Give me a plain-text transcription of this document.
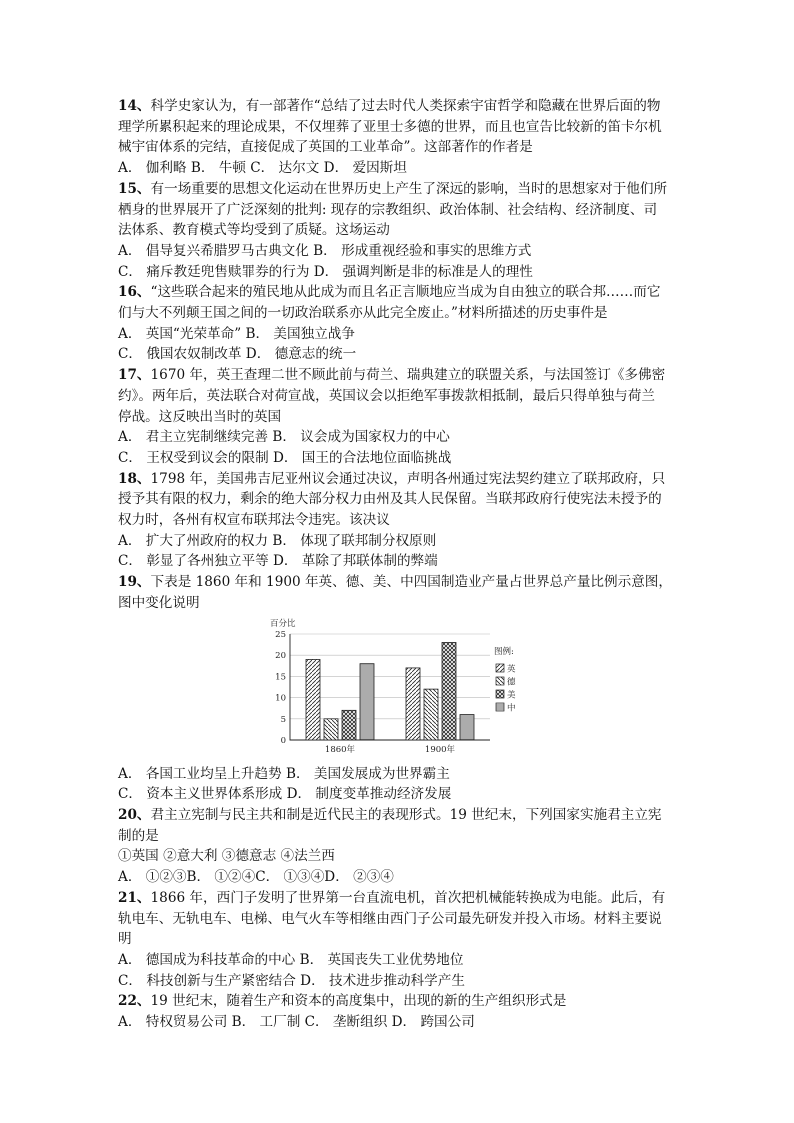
14、科学史家认为，有一部著作“总结了过去时代人类探索宇宙哲学和隐藏在世界后面的物
理学所累积起来的理论成果，不仅埋葬了亚里士多德的世界，而且也宣告比较新的笛卡尔机
械宇宙体系的完结，直接促成了英国的工业革命”。这部著作的作者是
A． 伽利略 B． 牛顿 C． 达尔文 D． 爱因斯坦
15、有一场重要的思想文化运动在世界历史上产生了深远的影响，当时的思想家对于他们所
栖身的世界展开了广泛深刻的批判: 现存的宗教组织、政治体制、社会结构、经济制度、司
法体系、教育模式等均受到了质疑。这场运动
A． 倡导复兴希腊罗马古典文化 B． 形成重视经验和事实的思维方式
C． 痛斥教廷兜售赎罪券的行为 D． 强调判断是非的标准是人的理性
16、“这些联合起来的殖民地从此成为而且名正言顺地应当成为自由独立的联合邦……而它
们与大不列颠王国之间的一切政治联系亦从此完全废止。”材料所描述的历史事件是
A． 英国“光荣革命” B． 美国独立战争
C． 俄国农奴制改革 D． 德意志的统一
17、1670 年，英王查理二世不顾此前与荷兰、瑞典建立的联盟关系，与法国签订《多佛密
约》。两年后，英法联合对荷宣战，英国议会以拒绝军事拨款相抵制，最后只得单独与荷兰
停战。这反映出当时的英国
A． 君主立宪制继续完善 B． 议会成为国家权力的中心
C． 王权受到议会的限制 D． 国王的合法地位面临挑战
18、1798 年，美国弗吉尼亚州议会通过决议，声明各州通过宪法契约建立了联邦政府，只
授予其有限的权力，剩余的绝大部分权力由州及其人民保留。当联邦政府行使宪法未授予的
权力时，各州有权宣布联邦法令违宪。该决议
A． 扩大了州政府的权力 B． 体现了联邦制分权原则
C． 彰显了各州独立平等 D． 革除了邦联体制的弊端
19、下表是 1860 年和 1900 年英、德、美、中四国制造业产量占世界总产量比例示意图，
图中变化说明
百分比
0
5
10
15
20
25
1860年	1900年
图例:
英
德
美
中
A． 各国工业均呈上升趋势 B． 美国发展成为世界霸主
C． 资本主义世界体系形成 D． 制度变革推动经济发展
20、君主立宪制与民主共和制是近代民主的表现形式。19 世纪末，下列国家实施君主立宪
制的是
①英国 ②意大利 ③德意志 ④法兰西
A． ①②③B． ①②④C． ①③④D． ②③④
21、1866 年，西门子发明了世界第一台直流电机，首次把机械能转换成为电能。此后，有
轨电车、无轨电车、电梯、电气火车等相继由西门子公司最先研发并投入市场。材料主要说
明
A． 德国成为科技革命的中心 B． 英国丧失工业优势地位
C． 科技创新与生产紧密结合 D． 技术进步推动科学产生
22、19 世纪末，随着生产和资本的高度集中，出现的新的生产组织形式是
A． 特权贸易公司 B． 工厂制 C． 垄断组织 D． 跨国公司
